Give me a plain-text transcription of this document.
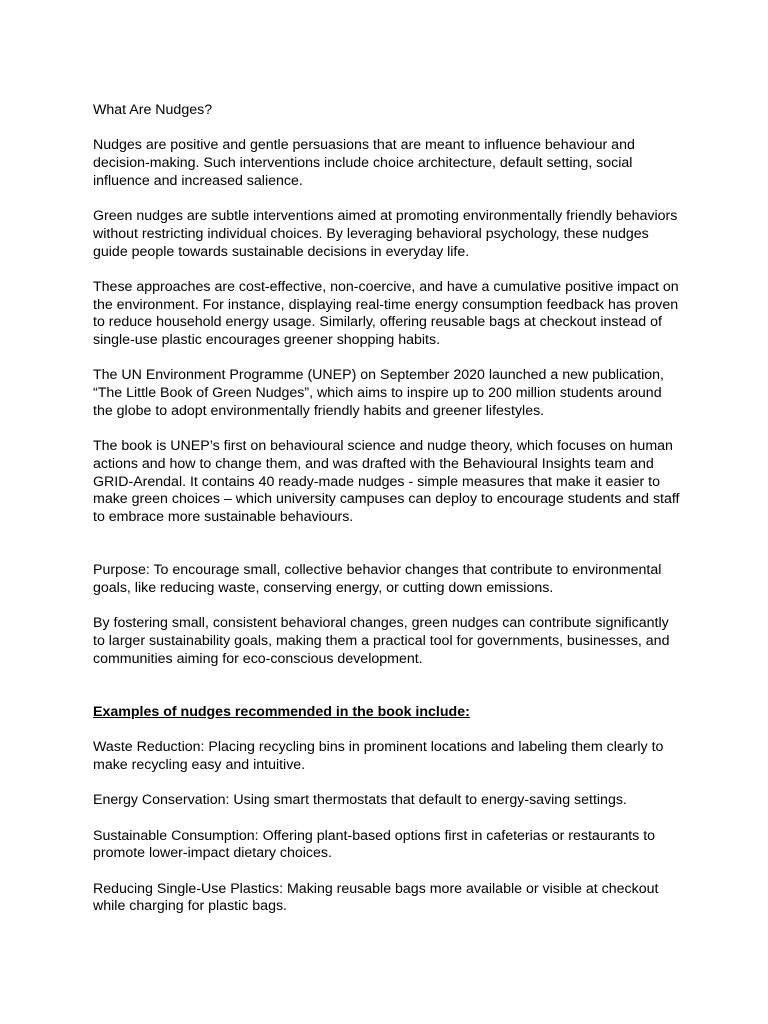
What Are Nudges?

Nudges are positive and gentle persuasions that are meant to influence behaviour and decision-making. Such interventions include choice architecture, default setting, social influence and increased salience.

Green nudges are subtle interventions aimed at promoting environmentally friendly behaviors without restricting individual choices. By leveraging behavioral psychology, these nudges guide people towards sustainable decisions in everyday life.

These approaches are cost-effective, non-coercive, and have a cumulative positive impact on the environment. For instance, displaying real-time energy consumption feedback has proven to reduce household energy usage. Similarly, offering reusable bags at checkout instead of single-use plastic encourages greener shopping habits.

The UN Environment Programme (UNEP) on September 2020 launched a new publication, “The Little Book of Green Nudges”, which aims to inspire up to 200 million students around the globe to adopt environmentally friendly habits and greener lifestyles.

The book is UNEP’s first on behavioural science and nudge theory, which focuses on human actions and how to change them, and was drafted with the Behavioural Insights team and GRID-Arendal. It contains 40 ready-made nudges - simple measures that make it easier to make green choices – which university campuses can deploy to encourage students and staff to embrace more sustainable behaviours.

Purpose: To encourage small, collective behavior changes that contribute to environmental goals, like reducing waste, conserving energy, or cutting down emissions.

By fostering small, consistent behavioral changes, green nudges can contribute significantly to larger sustainability goals, making them a practical tool for governments, businesses, and communities aiming for eco-conscious development.

Examples of nudges recommended in the book include:

Waste Reduction: Placing recycling bins in prominent locations and labeling them clearly to make recycling easy and intuitive.

Energy Conservation: Using smart thermostats that default to energy-saving settings.

Sustainable Consumption: Offering plant-based options first in cafeterias or restaurants to promote lower-impact dietary choices.

Reducing Single-Use Plastics: Making reusable bags more available or visible at checkout while charging for plastic bags.
